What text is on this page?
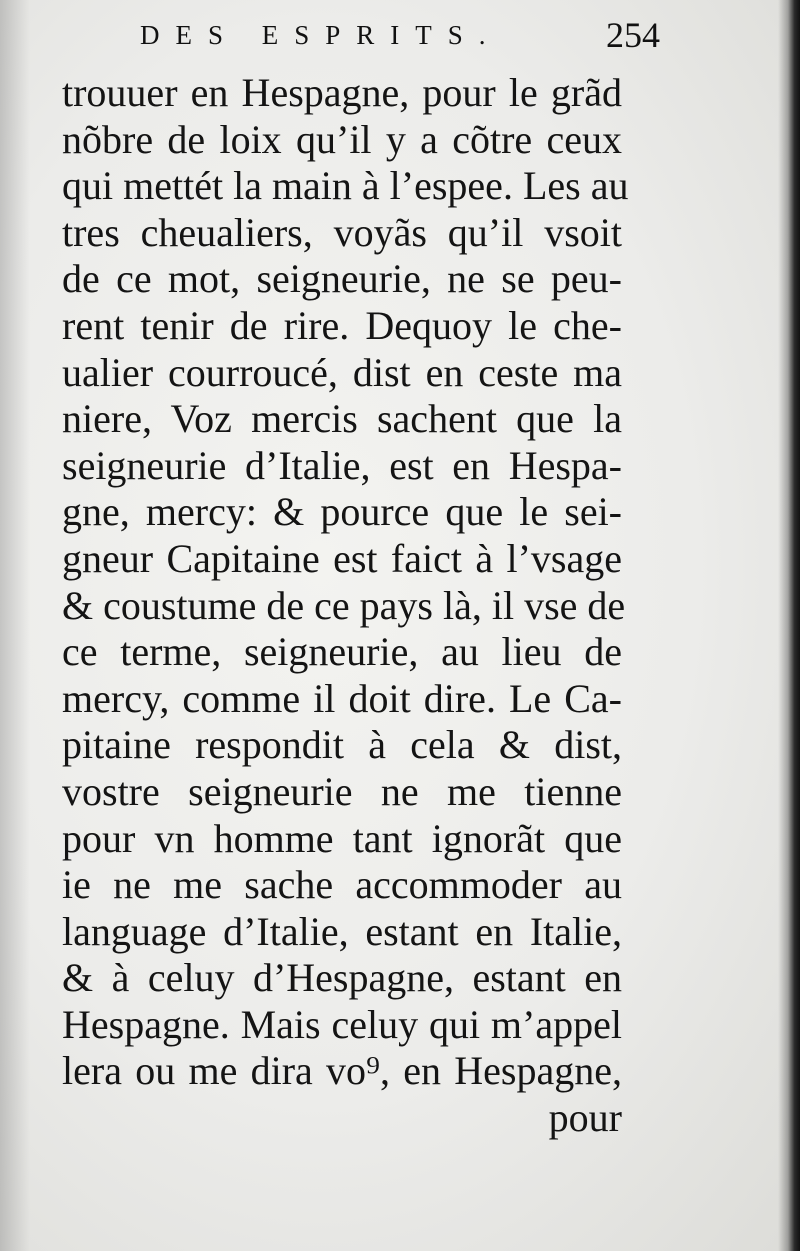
DES ESPRITS.	254
trouuer en Hespagne, pour le grãd
nõbre de loix qu’il y a cõtre ceux
qui mettét la main à l’espee. Les au
tres cheualiers, voyãs qu’il vsoit
de ce mot, seigneurie, ne se peu-
rent tenir de rire. Dequoy le che-
ualier courroucé, dist en ceste ma
niere, Voz mercis sachent que la
seigneurie d’Italie, est en Hespa-
gne, mercy: & pource que le sei-
gneur Capitaine est faict à l’vsage
& coustume de ce pays là, il vse de
ce terme, seigneurie, au lieu de
mercy, comme il doit dire. Le Ca-
pitaine respondit à cela & dist,
vostre seigneurie ne me tienne
pour vn homme tant ignorãt que
ie ne me sache accommoder au
language d’Italie, estant en Italie,
& à celuy d’Hespagne, estant en
Hespagne. Mais celuy qui m’appel
lera ou me dira vo⁹, en Hespagne,
pour
